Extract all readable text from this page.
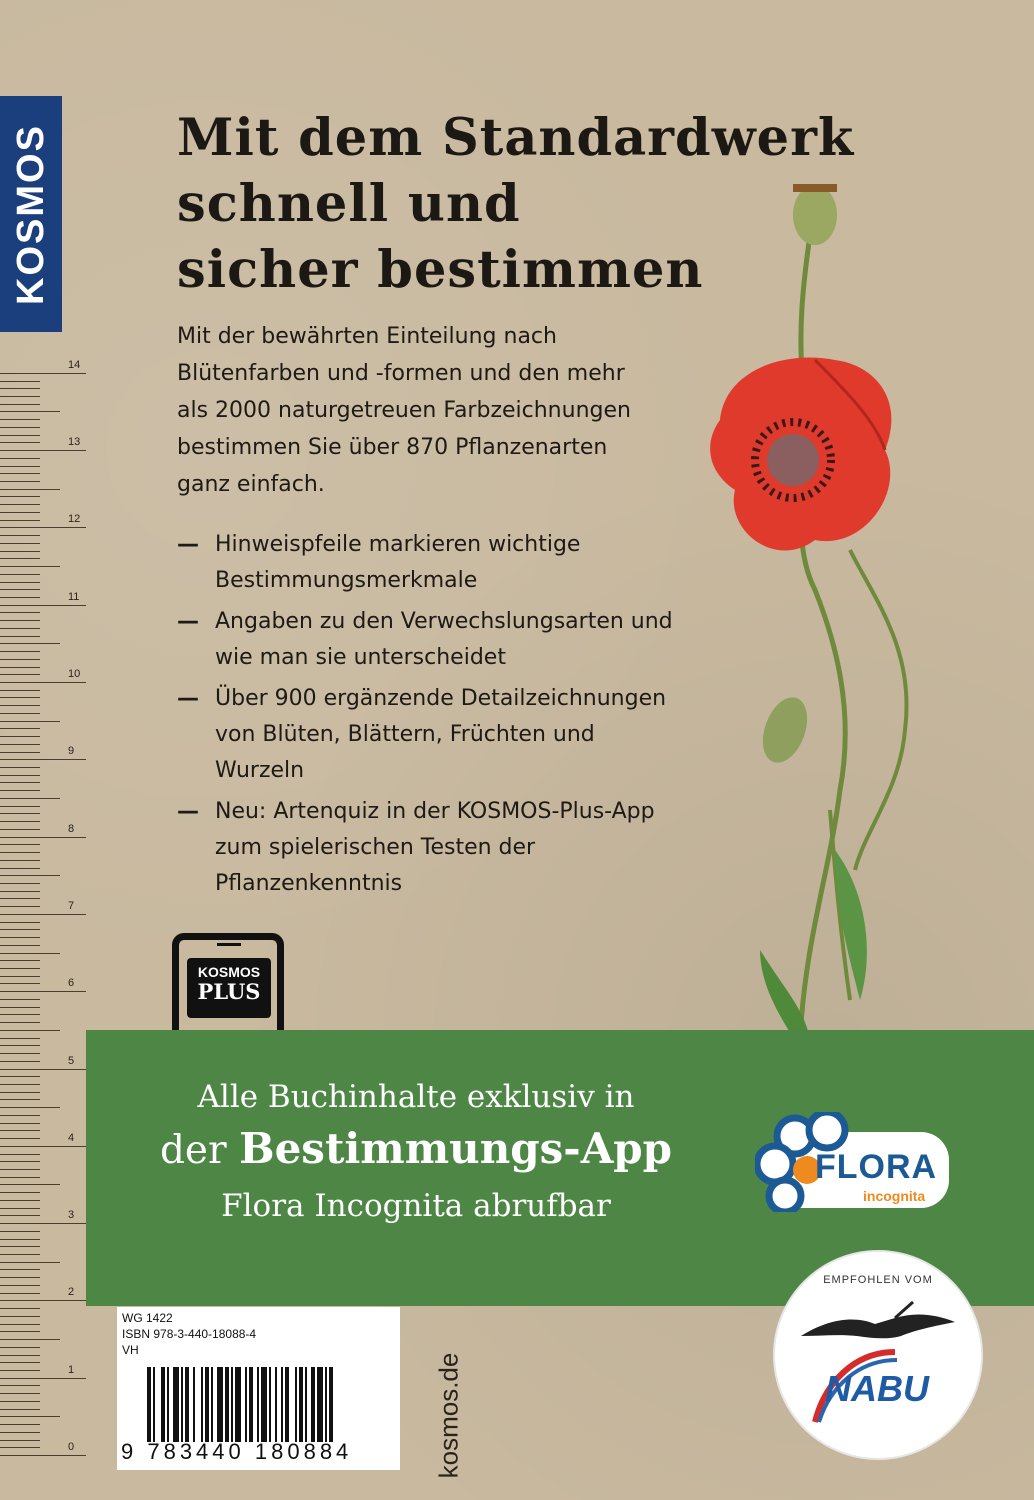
0
1
2
3
4
5
6
7
8
9
10
11
12
13
14
KOSMOS Mit dem Standardwerk
schnell und
sicher bestimmen
Mit der bewährten Einteilung nach Blütenfarben und -formen und den mehr als 2000 naturgetreuen Farbzeichnungen bestimmen Sie über 870 Pflanzenarten ganz einfach.
— Hinweispfeile markieren wichtige Bestimmungsmerkmale
— Angaben zu den Verwechslungsarten und wie man sie unterscheidet
— Über 900 ergänzende Detailzeichnungen von Blüten, Blättern, Früchten und Wurzeln
— Neu: Artenquiz in der KOSMOS-Plus-App zum spielerischen Testen der Pflanzenkenntnis
KOSMOS
PLUS
Alle Buchinhalte exklusiv in
der Bestimmungs-App
Flora Incognita abrufbar
FLORA
incognita
EMPFOHLEN VOM
NABU
WG 1422
ISBN 978-3-440-18088-4
VH
9 783440 180884	kosmos.de
